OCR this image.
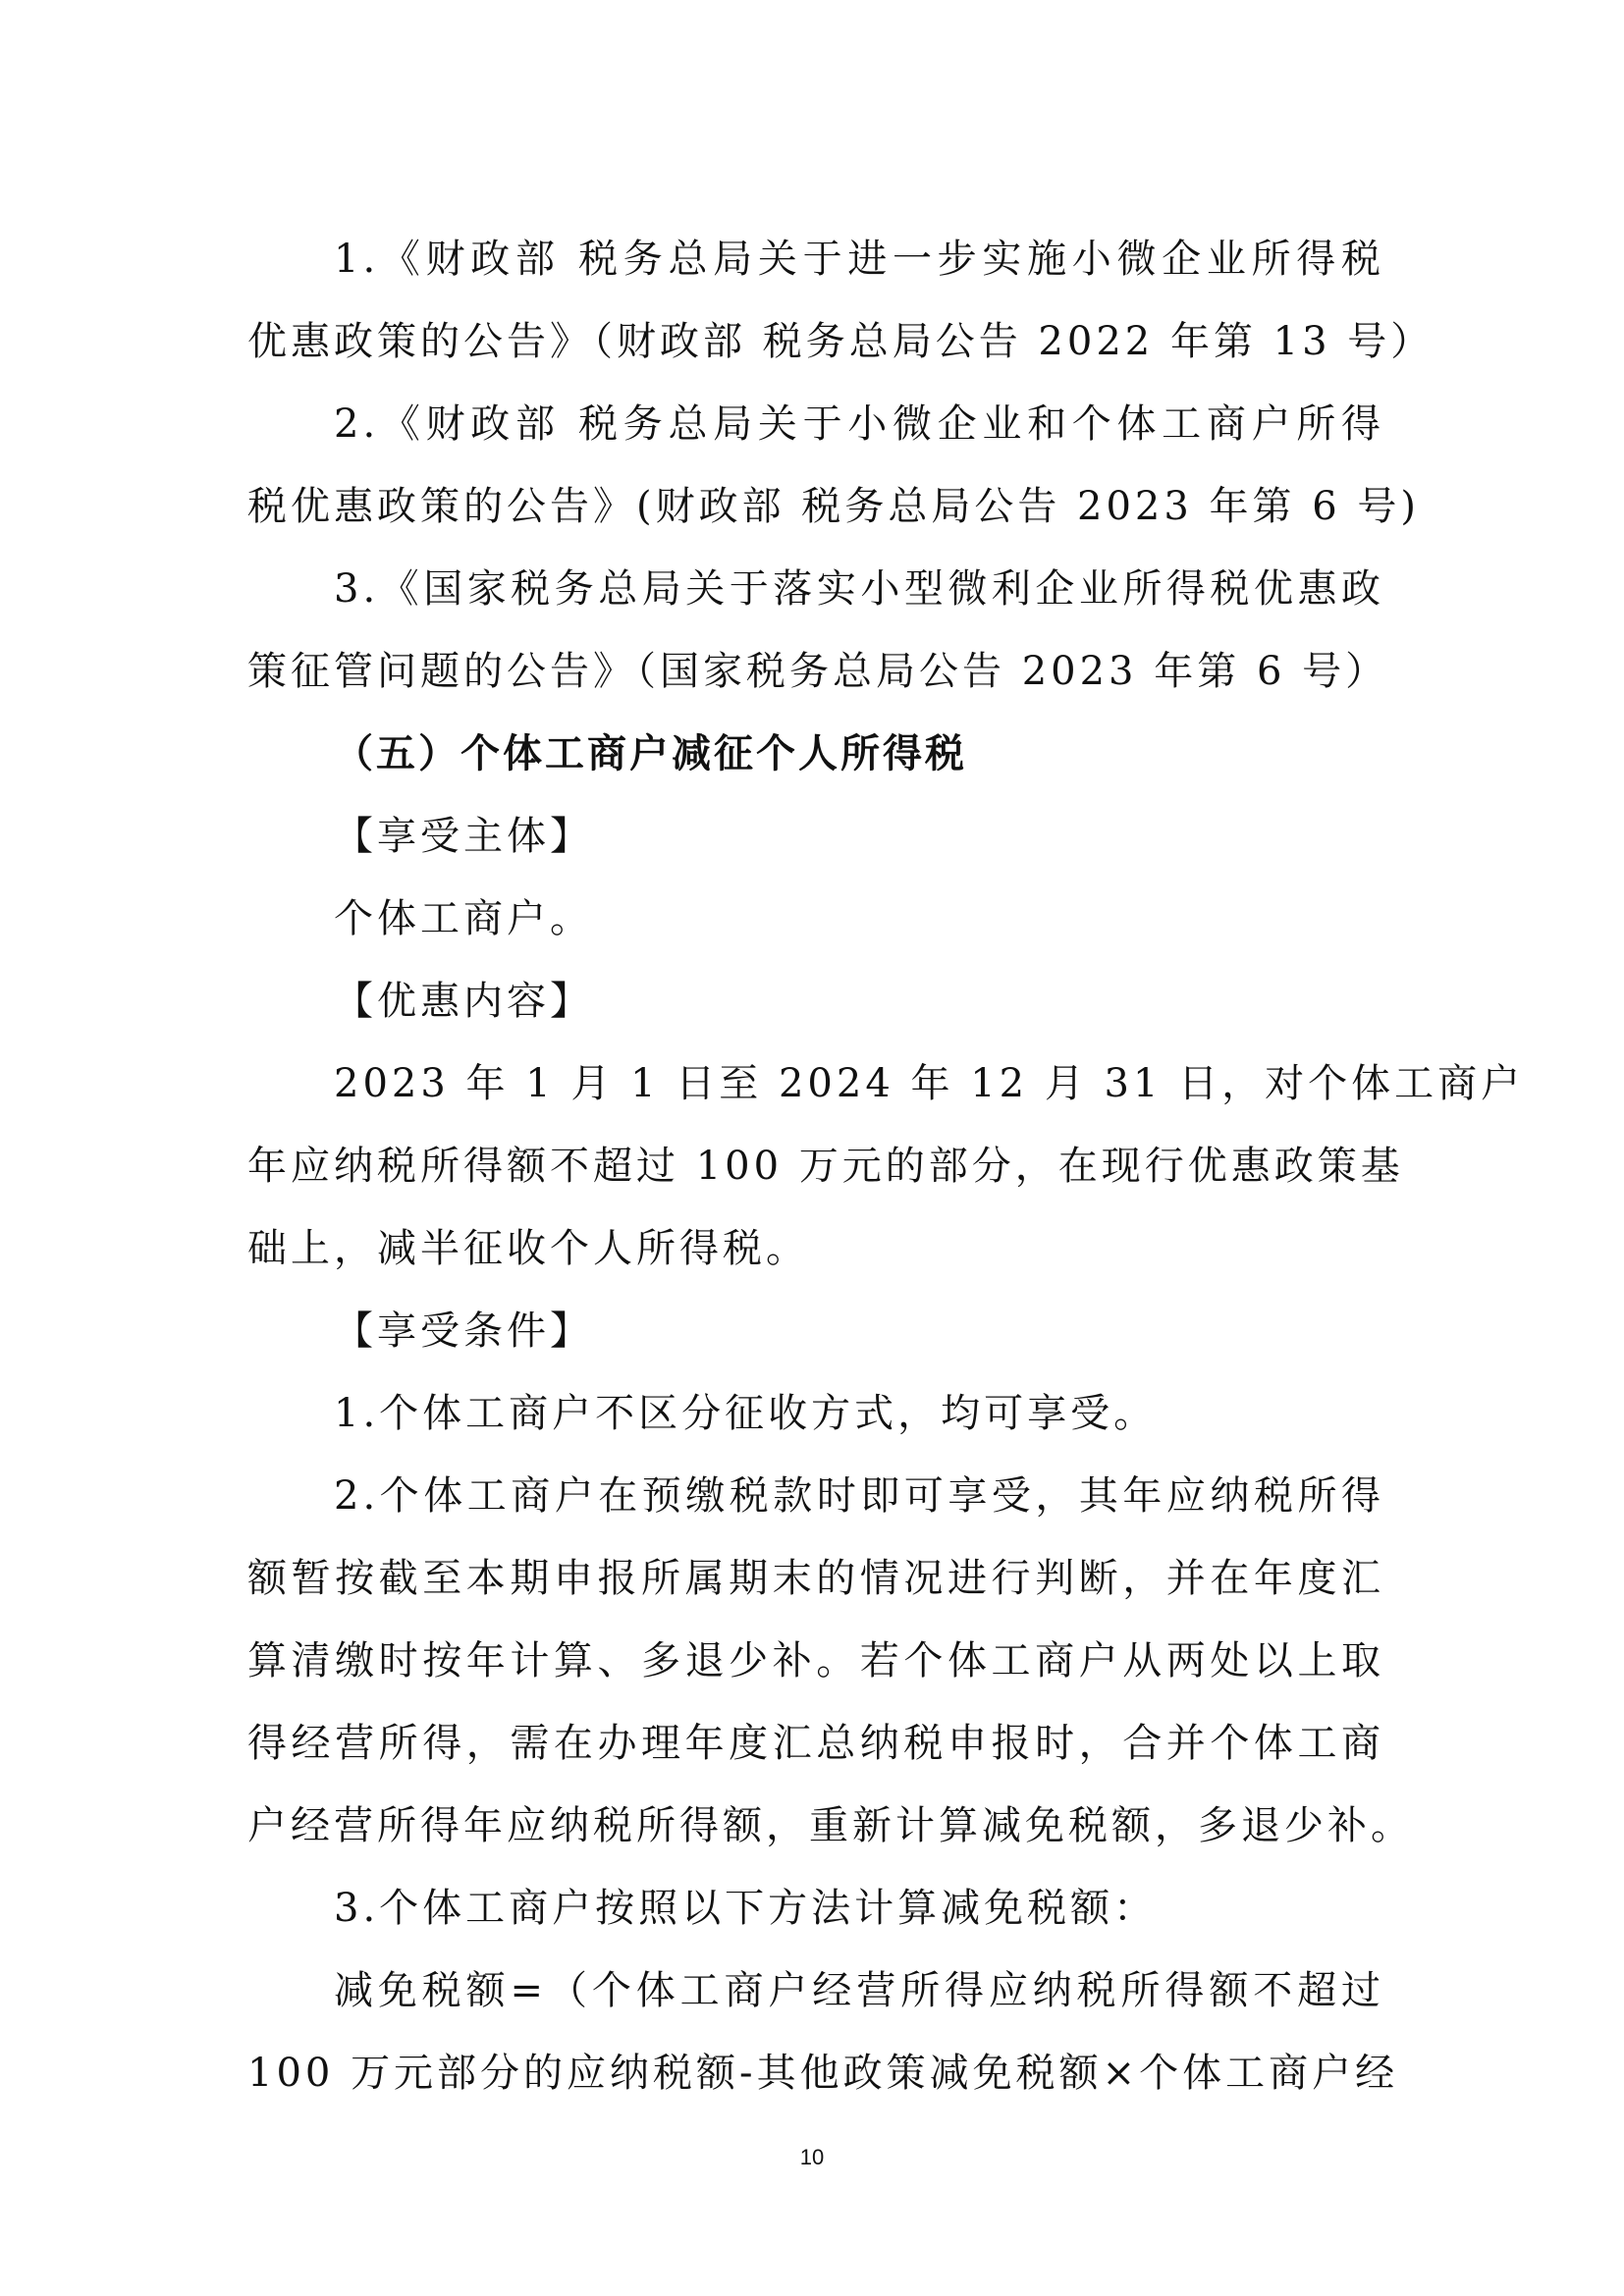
1.《财政部 税务总局关于进一步实施小微企业所得税
优惠政策的公告》（财政部 税务总局公告 2022 年第 13 号）
2.《财政部 税务总局关于小微企业和个体工商户所得
税优惠政策的公告》(财政部 税务总局公告 2023 年第 6 号)
3.《国家税务总局关于落实小型微利企业所得税优惠政
策征管问题的公告》（国家税务总局公告 2023 年第 6 号）
（五）个体工商户减征个人所得税
【享受主体】
个体工商户。
【优惠内容】
2023 年 1 月 1 日至 2024 年 12 月 31 日，对个体工商户
年应纳税所得额不超过 100 万元的部分，在现行优惠政策基
础上，减半征收个人所得税。
【享受条件】
1.个体工商户不区分征收方式，均可享受。
2.个体工商户在预缴税款时即可享受，其年应纳税所得
额暂按截至本期申报所属期末的情况进行判断，并在年度汇
算清缴时按年计算、多退少补。若个体工商户从两处以上取
得经营所得，需在办理年度汇总纳税申报时，合并个体工商
户经营所得年应纳税所得额，重新计算减免税额，多退少补。
3.个体工商户按照以下方法计算减免税额：
减免税额=（个体工商户经营所得应纳税所得额不超过
100 万元部分的应纳税额-其他政策减免税额×个体工商户经
10
